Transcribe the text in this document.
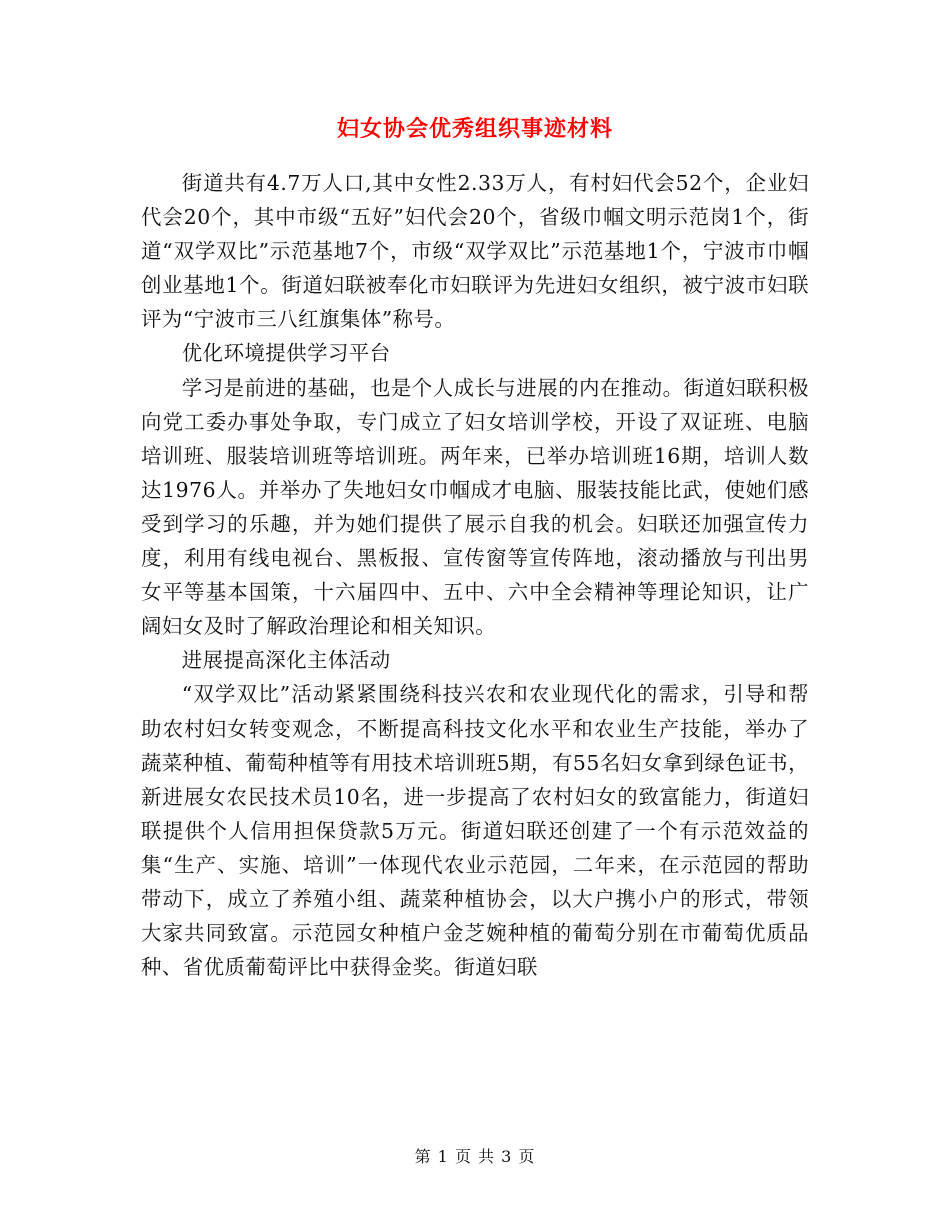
妇女协会优秀组织事迹材料

街道共有4.7万人口,其中女性2.33万人，有村妇代会52个，企业妇代会20个，其中市级“五好”妇代会20个，省级巾帼文明示范岗1个，街道“双学双比”示范基地7个，市级“双学双比”示范基地1个，宁波市巾帼创业基地1个。街道妇联被奉化市妇联评为先进妇女组织，被宁波市妇联评为“宁波市三八红旗集体”称号。

优化环境提供学习平台

学习是前进的基础，也是个人成长与进展的内在推动。街道妇联积极向党工委办事处争取，专门成立了妇女培训学校，开设了双证班、电脑培训班、服装培训班等培训班。两年来，已举办培训班16期，培训人数达1976人。并举办了失地妇女巾帼成才电脑、服装技能比武，使她们感受到学习的乐趣，并为她们提供了展示自我的机会。妇联还加强宣传力度，利用有线电视台、黑板报、宣传窗等宣传阵地，滚动播放与刊出男女平等基本国策，十六届四中、五中、六中全会精神等理论知识，让广阔妇女及时了解政治理论和相关知识。

进展提高深化主体活动

“双学双比”活动紧紧围绕科技兴农和农业现代化的需求，引导和帮助农村妇女转变观念，不断提高科技文化水平和农业生产技能，举办了蔬菜种植、葡萄种植等有用技术培训班5期，有55名妇女拿到绿色证书，新进展女农民技术员10名，进一步提高了农村妇女的致富能力，街道妇联提供个人信用担保贷款5万元。街道妇联还创建了一个有示范效益的集“生产、实施、培训”一体现代农业示范园，二年来，在示范园的帮助带动下，成立了养殖小组、蔬菜种植协会，以大户携小户的形式，带领大家共同致富。示范园女种植户金芝婉种植的葡萄分别在市葡萄优质品种、省优质葡萄评比中获得金奖。街道妇联

第 1 页 共 3 页
